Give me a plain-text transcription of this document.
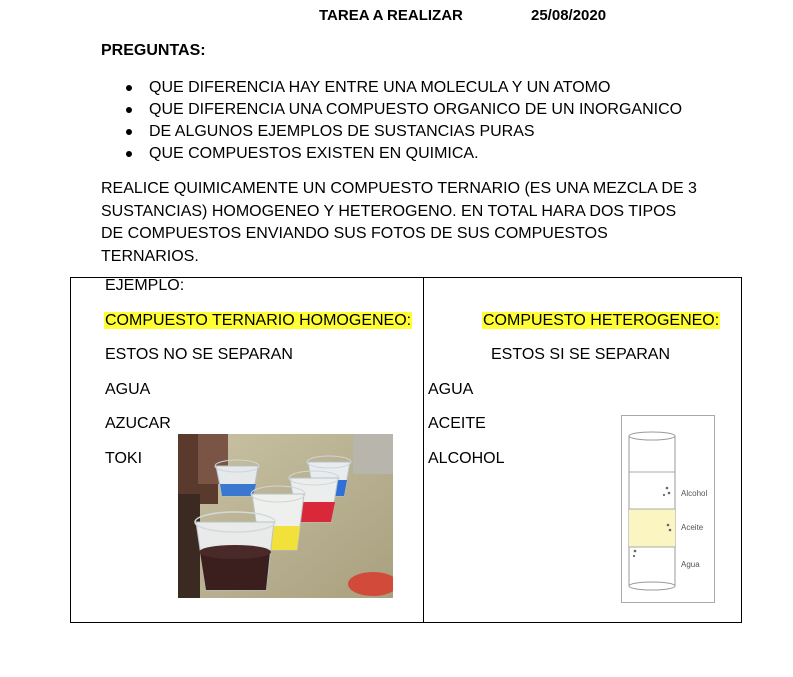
TAREA A REALIZAR	25/08/2020
PREGUNTAS:
QUE DIFERENCIA HAY ENTRE UNA MOLECULA Y UN ATOMO
QUE DIFERENCIA UNA COMPUESTO ORGANICO DE UN INORGANICO
DE ALGUNOS EJEMPLOS DE SUSTANCIAS PURAS
QUE COMPUESTOS EXISTEN EN QUIMICA.
REALICE QUIMICAMENTE UN COMPUESTO TERNARIO (ES UNA MEZCLA DE 3 SUSTANCIAS) HOMOGENEO Y HETEROGENO. EN TOTAL HARA DOS TIPOS DE COMPUESTOS ENVIANDO SUS FOTOS DE SUS COMPUESTOS TERNARIOS.
EJEMPLO:
COMPUESTO TERNARIO HOMOGENEO:
ESTOS NO SE SEPARAN
AGUA
AZUCAR
TOKI
COMPUESTO HETEROGENEO:
ESTOS SI SE SEPARAN
AGUA
ACEITE
ALCOHOL
Alcohol
Aceite
Agua
